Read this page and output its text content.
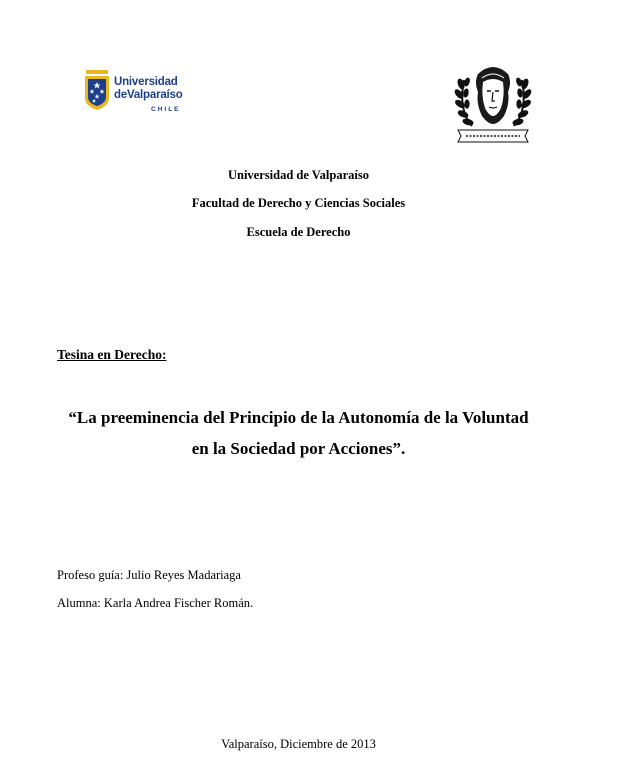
Universidad
deValparaíso
CHILE
Universidad de Valparaíso
Facultad de Derecho y Ciencias Sociales
Escuela de Derecho
Tesina en Derecho:
“La preeminencia del Principio de la Autonomía de la Voluntad
en la Sociedad por Acciones”.
Profeso guía: Julio Reyes Madariaga
Alumna: Karla Andrea Fischer Román.
Valparaíso, Diciembre de 2013
